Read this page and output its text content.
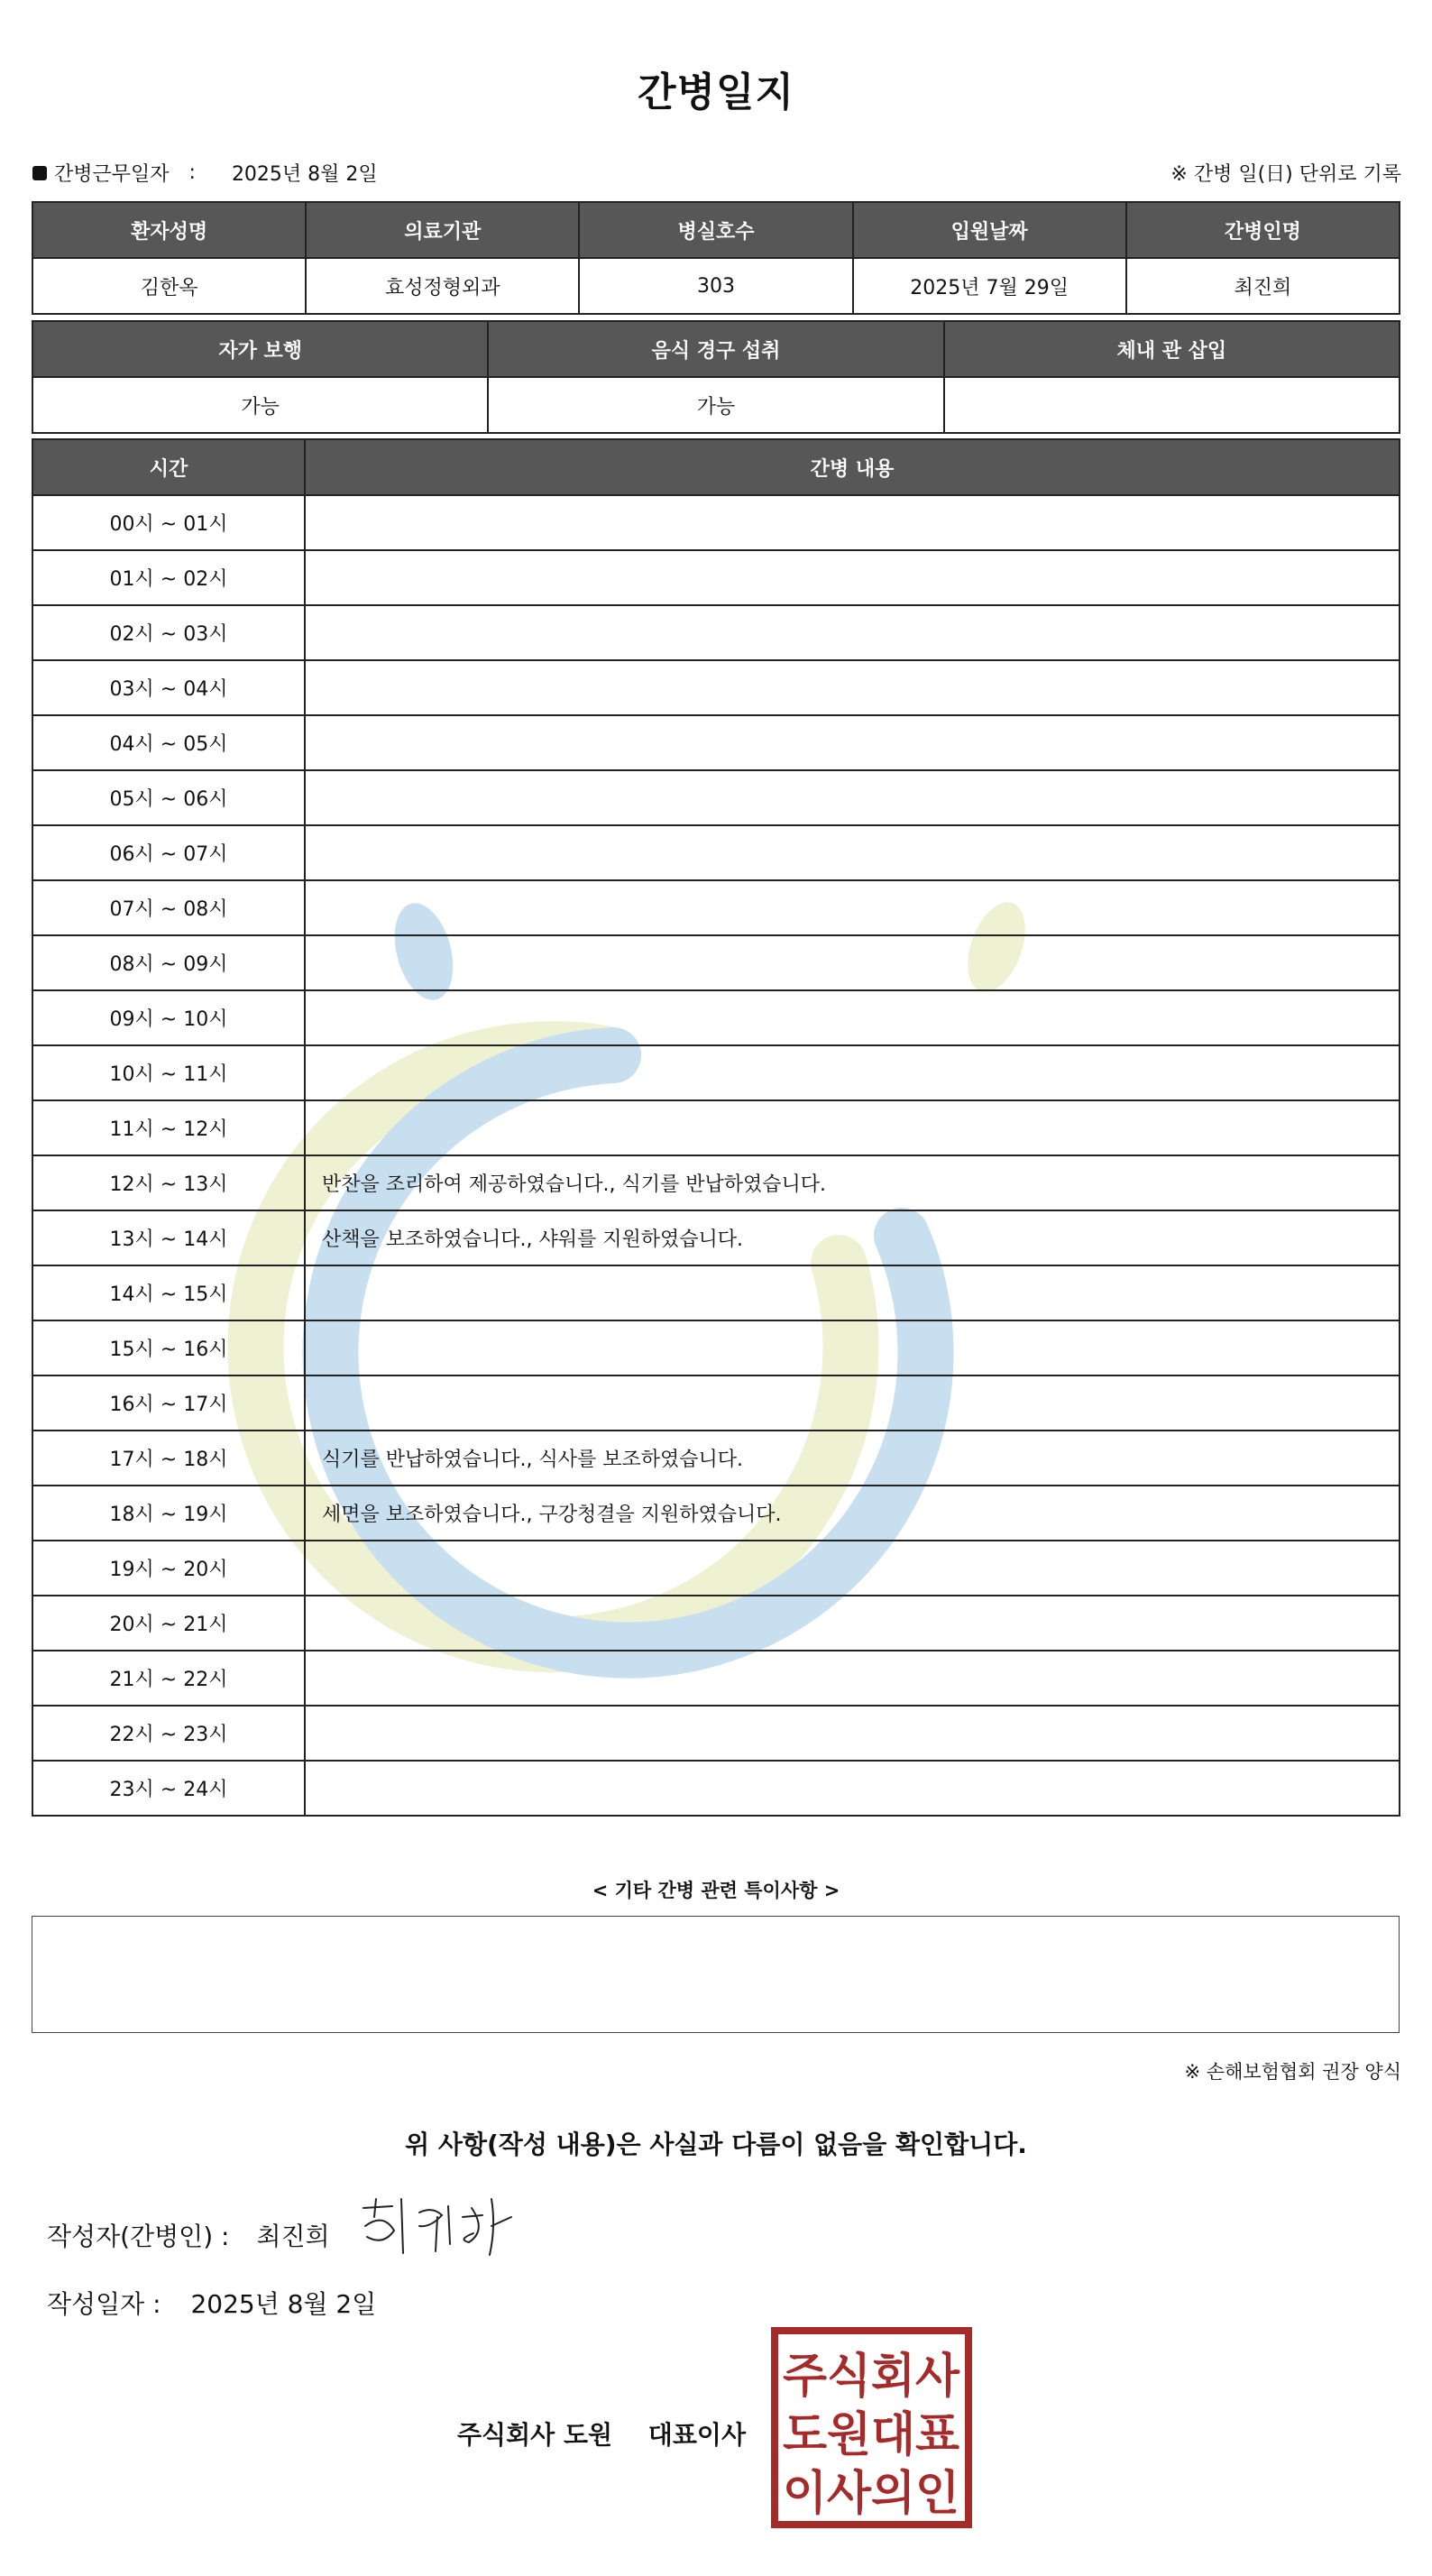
간병일지
간병근무일자 : 2025년 8월 2일	※ 간병 일(日) 단위로 기록
환자성명	의료기관	병실호수	입원날짜	간병인명
김한옥	효성정형외과	303	2025년 7월 29일	최진희
자가 보행	음식 경구 섭취	체내 관 삽입
가능	가능	
시간	간병 내용
00시 ~ 01시	
01시 ~ 02시	
02시 ~ 03시	
03시 ~ 04시	
04시 ~ 05시	
05시 ~ 06시	
06시 ~ 07시	
07시 ~ 08시	
08시 ~ 09시	
09시 ~ 10시	
10시 ~ 11시	
11시 ~ 12시	
12시 ~ 13시	반찬을 조리하여 제공하였습니다., 식기를 반납하였습니다.
13시 ~ 14시	산책을 보조하였습니다., 샤워를 지원하였습니다.
14시 ~ 15시	
15시 ~ 16시	
16시 ~ 17시	
17시 ~ 18시	식기를 반납하였습니다., 식사를 보조하였습니다.
18시 ~ 19시	세면을 보조하였습니다., 구강청결을 지원하였습니다.
19시 ~ 20시	
20시 ~ 21시	
21시 ~ 22시	
22시 ~ 23시	
23시 ~ 24시	
< 기타 간병 관련 특이사항 >
※ 손해보험협회 권장 양식
위 사항(작성 내용)은 사실과 다름이 없음을 확인합니다.
작성자(간병인) : 최진희
작성일자 : 2025년 8월 2일
주식회사 도원 대표이사
주식회사
도원대표
이사의인
